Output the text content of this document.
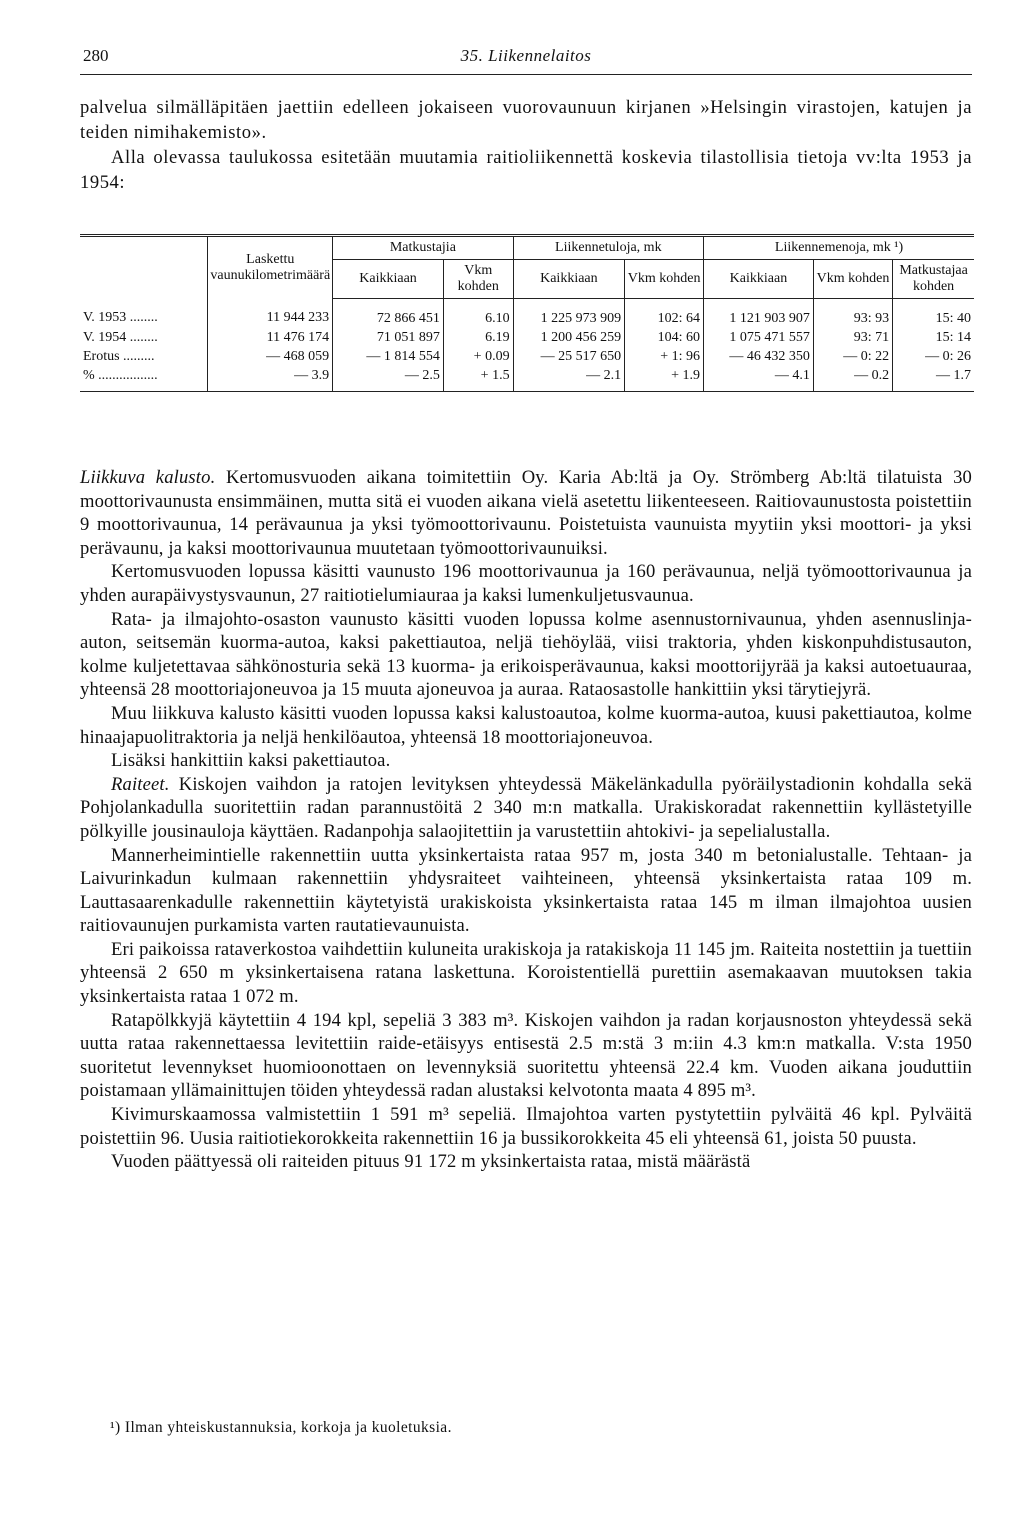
280	35. Liikennelaitos

palvelua silmälläpitäen jaettiin edelleen jokaiseen vuorovaunuun kirjanen »Helsingin virastojen, katujen ja teiden nimihakemisto».

Alla olevassa taulukossa esitetään muutamia raitioliikennettä koskevia tilastollisia tietoja vv:lta 1953 ja 1954:

	Laskettu vaunukilometrimäärä	Matkustajia		Liikennetuloja, mk		Liikennemenoja, mk ¹)		
		Kaikkiaan	Vkm kohden	Kaikkiaan	Vkm kohden	Kaikkiaan	Vkm kohden	Matkustajaa kohden
V. 1953 ........	11 944 233	72 866 451	6.10	1 225 973 909	102: 64	1 121 903 907	93: 93	15: 40
V. 1954 ........	11 476 174	71 051 897	6.19	1 200 456 259	104: 60	1 075 471 557	93: 71	15: 14
Erotus .........	— 468 059	— 1 814 554	+ 0.09	— 25 517 650	+ 1: 96	— 46 432 350	— 0: 22	— 0: 26
% .................	— 3.9	— 2.5	+ 1.5	— 2.1	+ 1.9	— 4.1	— 0.2	— 1.7

Liikkuva kalusto. Kertomusvuoden aikana toimitettiin Oy. Karia Ab:ltä ja Oy. Strömberg Ab:ltä tilatuista 30 moottorivaunusta ensimmäinen, mutta sitä ei vuoden aikana vielä asetettu liikenteeseen. Raitiovaunustosta poistettiin 9 moottorivaunua, 14 perävaunua ja yksi työmoottorivaunu. Poistetuista vaunuista myytiin yksi moottori- ja yksi perävaunu, ja kaksi moottorivaunua muutetaan työmoottorivaunuiksi.

Kertomusvuoden lopussa käsitti vaunusto 196 moottorivaunua ja 160 perävaunua, neljä työmoottorivaunua ja yhden aurapäivystysvaunun, 27 raitiotielumiauraa ja kaksi lumenkuljetusvaunua.

Rata- ja ilmajohto-osaston vaunusto käsitti vuoden lopussa kolme asennustornivaunua, yhden asennuslinja-auton, seitsemän kuorma-autoa, kaksi pakettiautoa, neljä tiehöylää, viisi traktoria, yhden kiskonpuhdistusauton, kolme kuljetettavaa sähkönosturia sekä 13 kuorma- ja erikoisperävaunua, kaksi moottorijyrää ja kaksi autoetuauraa, yhteensä 28 moottoriajoneuvoa ja 15 muuta ajoneuvoa ja auraa. Rataosastolle hankittiin yksi tärytiejyrä.

Muu liikkuva kalusto käsitti vuoden lopussa kaksi kalustoautoa, kolme kuorma-autoa, kuusi pakettiautoa, kolme hinaajapuolitraktoria ja neljä henkilöautoa, yhteensä 18 moottoriajoneuvoa.

Lisäksi hankittiin kaksi pakettiautoa.

Raiteet. Kiskojen vaihdon ja ratojen levityksen yhteydessä Mäkelänkadulla pyöräilystadionin kohdalla sekä Pohjolankadulla suoritettiin radan parannustöitä 2 340 m:n matkalla. Urakiskoradat rakennettiin kyllästetyille pölkyille jousinauloja käyttäen. Radanpohja salaojitettiin ja varustettiin ahtokivi- ja sepelialustalla.

Mannerheimintielle rakennettiin uutta yksinkertaista rataa 957 m, josta 340 m betonialustalle. Tehtaan- ja Laivurinkadun kulmaan rakennettiin yhdysraiteet vaihteineen, yhteensä yksinkertaista rataa 109 m. Lauttasaarenkadulle rakennettiin käytetyistä urakiskoista yksinkertaista rataa 145 m ilman ilmajohtoa uusien raitiovaunujen purkamista varten rautatievaunuista.

Eri paikoissa rataverkostoa vaihdettiin kuluneita urakiskoja ja ratakiskoja 11 145 jm. Raiteita nostettiin ja tuettiin yhteensä 2 650 m yksinkertaisena ratana laskettuna. Koroistentiellä purettiin asemakaavan muutoksen takia yksinkertaista rataa 1 072 m.

Ratapölkkyjä käytettiin 4 194 kpl, sepeliä 3 383 m³. Kiskojen vaihdon ja radan korjausnoston yhteydessä sekä uutta rataa rakennettaessa levitettiin raide-etäisyys entisestä 2.5 m:stä 3 m:iin 4.3 km:n matkalla. V:sta 1950 suoritetut levennykset huomioonottaen on levennyksiä suoritettu yhteensä 22.4 km. Vuoden aikana jouduttiin poistamaan yllämainittujen töiden yhteydessä radan alustaksi kelvotonta maata 4 895 m³.

Kivimurskaamossa valmistettiin 1 591 m³ sepeliä. Ilmajohtoa varten pystytettiin pylväitä 46 kpl. Pylväitä poistettiin 96. Uusia raitiotiekorokkeita rakennettiin 16 ja bussikorokkeita 45 eli yhteensä 61, joista 50 puusta.

Vuoden päättyessä oli raiteiden pituus 91 172 m yksinkertaista rataa, mistä määrästä

¹) Ilman yhteiskustannuksia, korkoja ja kuoletuksia.
